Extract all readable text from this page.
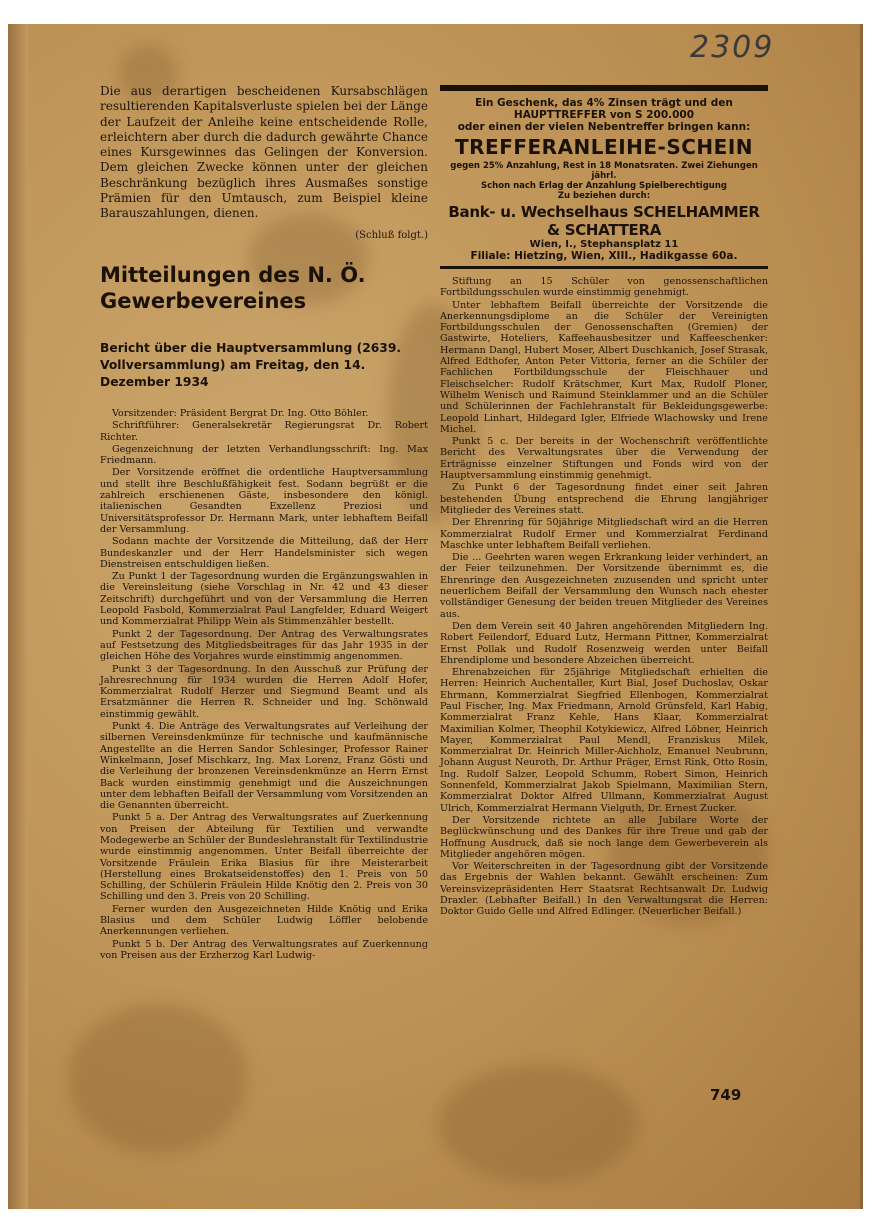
2309

Die aus derartigen bescheidenen Kursabschlägen resultierenden Kapitalsverluste spielen bei der Länge der Laufzeit der Anleihe keine entscheidende Rolle, erleichtern aber durch die dadurch gewährte Chance eines Kursgewinnes das Gelingen der Konversion. Dem gleichen Zwecke können unter der gleichen Beschränkung bezüglich ihres Ausmaßes sonstige Prämien für den Umtausch, zum Beispiel kleine Barauszahlungen, dienen.

(Schluß folgt.)
Ein Geschenk, das 4% Zinsen trägt und den
HAUPTTREFFER von S 200.000
oder einen der vielen Nebentreffer bringen kann:
TREFFERANLEIHE-SCHEIN
gegen 25% Anzahlung, Rest in 18 Monatsraten. Zwei Ziehungen jährl.
Schon nach Erlag der Anzahlung Spielberechtigung
Zu beziehen durch:
Bank- u. Wechselhaus SCHELHAMMER & SCHATTERA
Wien, I., Stephansplatz 11
Filiale: Hietzing, Wien, XIII., Hadikgasse 60a.
Mitteilungen des N. Ö. Gewerbevereines
Bericht über die Hauptversammlung (2639. Vollversammlung) am Freitag, den 14. Dezember 1934

Vorsitzender: Präsident Bergrat Dr. Ing. Otto Böhler.

Schriftführer: Generalsekretär Regierungsrat Dr. Robert Richter.

Gegenzeichnung der letzten Verhandlungsschrift: Ing. Max Friedmann.

Der Vorsitzende eröffnet die ordentliche Hauptversammlung und stellt ihre Beschlußfähigkeit fest. Sodann begrüßt er die zahlreich erschienenen Gäste, insbesondere den königl. italienischen Gesandten Exzellenz Preziosi und Universitätsprofessor Dr. Hermann Mark, unter lebhaftem Beifall der Versammlung.

Sodann machte der Vorsitzende die Mitteilung, daß der Herr Bundeskanzler und der Herr Handelsminister sich wegen Dienstreisen entschuldigen ließen.

Zu Punkt 1 der Tagesordnung wurden die Ergänzungswahlen in die Vereinsleitung (siehe Vorschlag in Nr. 42 und 43 dieser Zeitschrift) durchgeführt und von der Versammlung die Herren Leopold Fasbold, Kommerzialrat Paul Langfelder, Eduard Weigert und Kommerzialrat Philipp Wein als Stimmenzähler bestellt.

Punkt 2 der Tagesordnung. Der Antrag des Verwaltungsrates auf Festsetzung des Mitgliedsbeitrages für das Jahr 1935 in der gleichen Höhe des Vorjahres wurde einstimmig angenommen.

Punkt 3 der Tagesordnung. In den Ausschuß zur Prüfung der Jahresrechnung für 1934 wurden die Herren Adolf Hofer, Kommerzialrat Rudolf Herzer und Siegmund Beamt und als Ersatzmänner die Herren R. Schneider und Ing. Schönwald einstimmig gewählt.

Punkt 4. Die Anträge des Verwaltungsrates auf Verleihung der silbernen Vereinsdenkmünze für technische und kaufmännische Angestellte an die Herren Sandor Schlesinger, Professor Rainer Winkelmann, Josef Mischkarz, Ing. Max Lorenz, Franz Gösti und die Verleihung der bronzenen Vereinsdenkmünze an Herrn Ernst Back wurden einstimmig genehmigt und die Auszeichnungen unter dem lebhaften Beifall der Versammlung vom Vorsitzenden an die Genannten überreicht.

Punkt 5 a. Der Antrag des Verwaltungsrates auf Zuerkennung von Preisen der Abteilung für Textilien und verwandte Modegewerbe an Schüler der Bundeslehranstalt für Textilindustrie wurde einstimmig angenommen. Unter Beifall überreichte der Vorsitzende Fräulein Erika Blasius für ihre Meisterarbeit (Herstellung eines Brokatseidenstoffes) den 1. Preis von 50 Schilling, der Schülerin Fräulein Hilde Knötig den 2. Preis von 30 Schilling und den 3. Preis von 20 Schilling.

Ferner wurden den Ausgezeichneten Hilde Knötig und Erika Blasius und dem Schüler Ludwig Löffler belobende Anerkennungen verliehen.

Punkt 5 b. Der Antrag des Verwaltungsrates auf Zuerkennung von Preisen aus der Erzherzog Karl Ludwig-

Stiftung an 15 Schüler von genossenschaftlichen Fortbildungsschulen wurde einstimmig genehmigt.

Unter lebhaftem Beifall überreichte der Vorsitzende die Anerkennungsdiplome an die Schüler der Vereinigten Fortbildungsschulen der Genossenschaften (Gremien) der Gastwirte, Hoteliers, Kaffeehausbesitzer und Kaffeeschenker: Hermann Dangl, Hubert Moser, Albert Duschkanich, Josef Strasak, Alfred Edthofer, Anton Peter Vittoria, ferner an die Schüler der Fachlichen Fortbildungsschule der Fleischhauer und Fleischselcher: Rudolf Krätschmer, Kurt Max, Rudolf Ploner, Wilhelm Wenisch und Raimund Steinklammer und an die Schüler und Schülerinnen der Fachlehranstalt für Bekleidungsgewerbe: Leopold Linhart, Hildegard Igler, Elfriede Wlachowsky und Irene Michel.

Punkt 5 c. Der bereits in der Wochenschrift veröffentlichte Bericht des Verwaltungsrates über die Verwendung der Erträgnisse einzelner Stiftungen und Fonds wird von der Hauptversammlung einstimmig genehmigt.

Zu Punkt 6 der Tagesordnung findet einer seit Jahren bestehenden Übung entsprechend die Ehrung langjähriger Mitglieder des Vereines statt.

Der Ehrenring für 50jährige Mitgliedschaft wird an die Herren Kommerzialrat Rudolf Ermer und Kommerzialrat Ferdinand Maschke unter lebhaftem Beifall verliehen.

Die ... Geehrten waren wegen Erkrankung leider verhindert, an der Feier teilzunehmen. Der Vorsitzende übernimmt es, die Ehrenringe den Ausgezeichneten zuzusenden und spricht unter neuerlichem Beifall der Versammlung den Wunsch nach ehester vollständiger Genesung der beiden treuen Mitglieder des Vereines aus.

Den dem Verein seit 40 Jahren angehörenden Mitgliedern Ing. Robert Feilendorf, Eduard Lutz, Hermann Pittner, Kommerzialrat Ernst Pollak und Rudolf Rosenzweig werden unter Beifall Ehrendiplome und besondere Abzeichen überreicht.

Ehrenabzeichen für 25jährige Mitgliedschaft erhielten die Herren: Heinrich Auchentaller, Kurt Bial, Josef Duchoslav, Oskar Ehrmann, Kommerzialrat Siegfried Ellenbogen, Kommerzialrat Paul Fischer, Ing. Max Friedmann, Arnold Grünsfeld, Karl Habig, Kommerzialrat Franz Kehle, Hans Klaar, Kommerzialrat Maximilian Kolmer, Theophil Kotykiewicz, Alfred Löbner, Heinrich Mayer, Kommerzialrat Paul Mendl, Franziskus Milek, Kommerzialrat Dr. Heinrich Miller-Aichholz, Emanuel Neubrunn, Johann August Neuroth, Dr. Arthur Präger, Ernst Rink, Otto Rosin, Ing. Rudolf Salzer, Leopold Schumm, Robert Simon, Heinrich Sonnenfeld, Kommerzialrat Jakob Spielmann, Maximilian Stern, Kommerzialrat Doktor Alfred Ullmann, Kommerzialrat August Ulrich, Kommerzialrat Hermann Vielguth, Dr. Ernest Zucker.

Der Vorsitzende richtete an alle Jubilare Worte der Beglückwünschung und des Dankes für ihre Treue und gab der Hoffnung Ausdruck, daß sie noch lange dem Gewerbeverein als Mitglieder angehören mögen.

Vor Weiterschreiten in der Tagesordnung gibt der Vorsitzende das Ergebnis der Wahlen bekannt. Gewählt erscheinen: Zum Vereinsvizepräsidenten Herr Staatsrat Rechtsanwalt Dr. Ludwig Draxler. (Lebhafter Beifall.) In den Verwaltungsrat die Herren: Doktor Guido Gelle und Alfred Edlinger. (Neuerlicher Beifall.)

749
